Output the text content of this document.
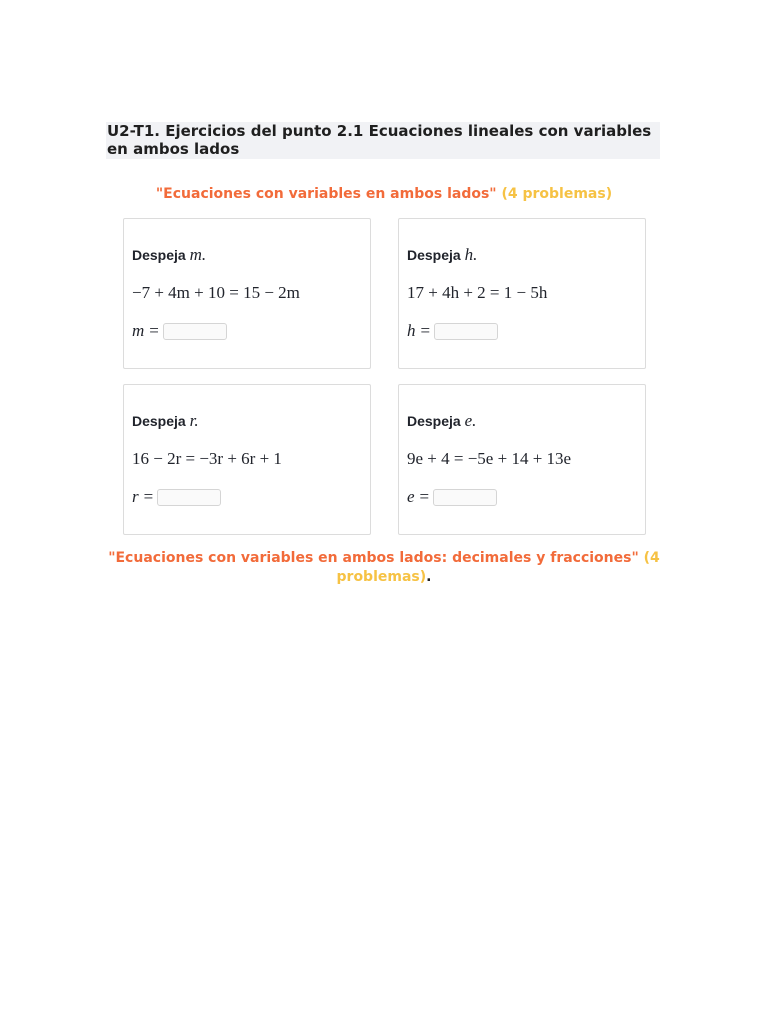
U2-T1. Ejercicios del punto 2.1 Ecuaciones lineales con variables en ambos lados

"Ecuaciones con variables en ambos lados" (4 problemas)
Despeja m.
−7 + 4m + 10 = 15 − 2m
m =
Despeja h.
17 + 4h + 2 = 1 − 5h
h =
Despeja r.
16 − 2r = −3r + 6r + 1
r =
Despeja e.
9e + 4 = −5e + 14 + 13e
e =
"Ecuaciones con variables en ambos lados: decimales y fracciones" (4 problemas).
